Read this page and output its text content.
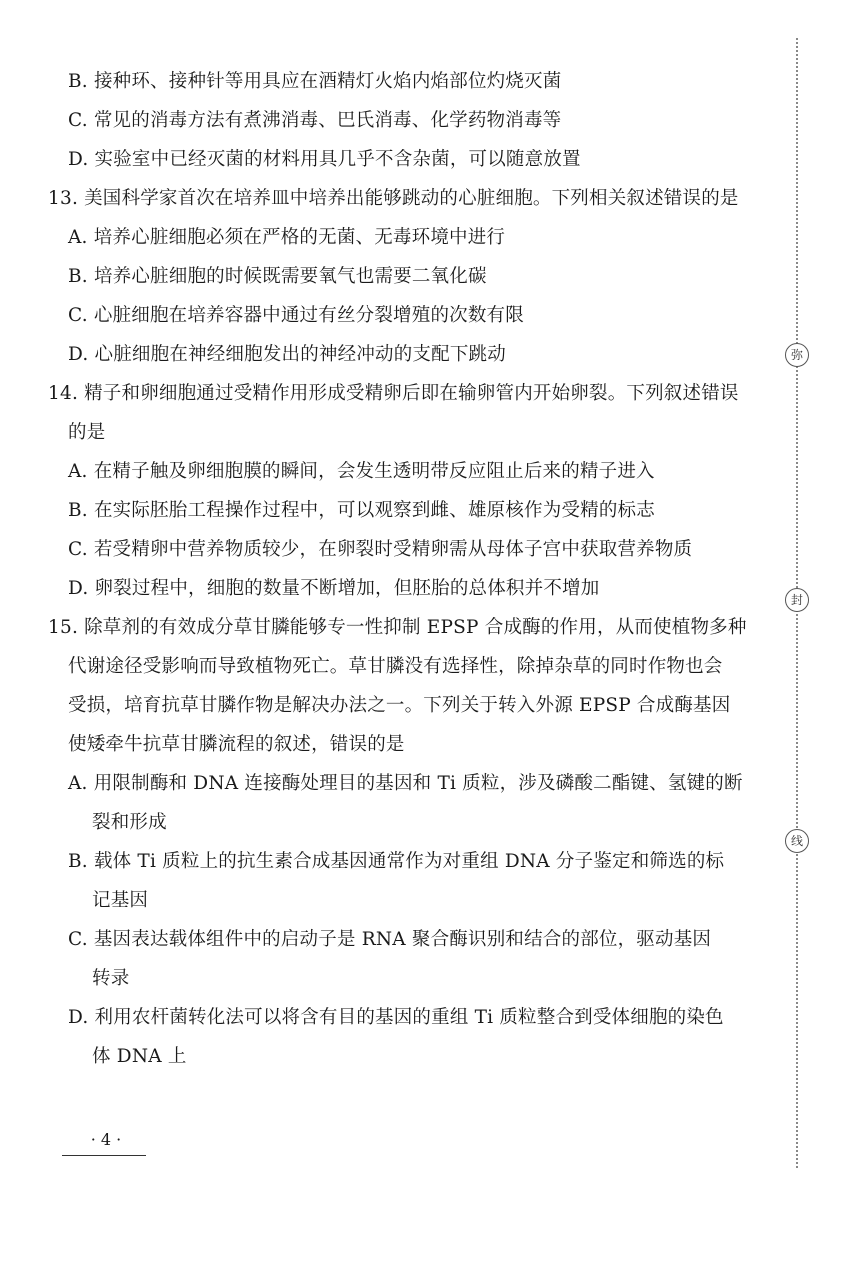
B. 接种环、接种针等用具应在酒精灯火焰内焰部位灼烧灭菌
C. 常见的消毒方法有煮沸消毒、巴氏消毒、化学药物消毒等
D. 实验室中已经灭菌的材料用具几乎不含杂菌，可以随意放置
13. 美国科学家首次在培养皿中培养出能够跳动的心脏细胞。下列相关叙述错误的是
A. 培养心脏细胞必须在严格的无菌、无毒环境中进行
B. 培养心脏细胞的时候既需要氧气也需要二氧化碳
C. 心脏细胞在培养容器中通过有丝分裂增殖的次数有限
D. 心脏细胞在神经细胞发出的神经冲动的支配下跳动
14. 精子和卵细胞通过受精作用形成受精卵后即在输卵管内开始卵裂。下列叙述错误
的是
A. 在精子触及卵细胞膜的瞬间，会发生透明带反应阻止后来的精子进入
B. 在实际胚胎工程操作过程中，可以观察到雌、雄原核作为受精的标志
C. 若受精卵中营养物质较少，在卵裂时受精卵需从母体子宫中获取营养物质
D. 卵裂过程中，细胞的数量不断增加，但胚胎的总体积并不增加
15. 除草剂的有效成分草甘膦能够专一性抑制 EPSP 合成酶的作用，从而使植物多种
代谢途径受影响而导致植物死亡。草甘膦没有选择性，除掉杂草的同时作物也会
受损，培育抗草甘膦作物是解决办法之一。下列关于转入外源 EPSP 合成酶基因
使矮牵牛抗草甘膦流程的叙述，错误的是
A. 用限制酶和 DNA 连接酶处理目的基因和 Ti 质粒，涉及磷酸二酯键、氢键的断
裂和形成
B. 载体 Ti 质粒上的抗生素合成基因通常作为对重组 DNA 分子鉴定和筛选的标
记基因
C. 基因表达载体组件中的启动子是 RNA 聚合酶识别和结合的部位，驱动基因
转录
D. 利用农杆菌转化法可以将含有目的基因的重组 Ti 质粒整合到受体细胞的染色
体 DNA 上
弥
封
线
· 4 ·
